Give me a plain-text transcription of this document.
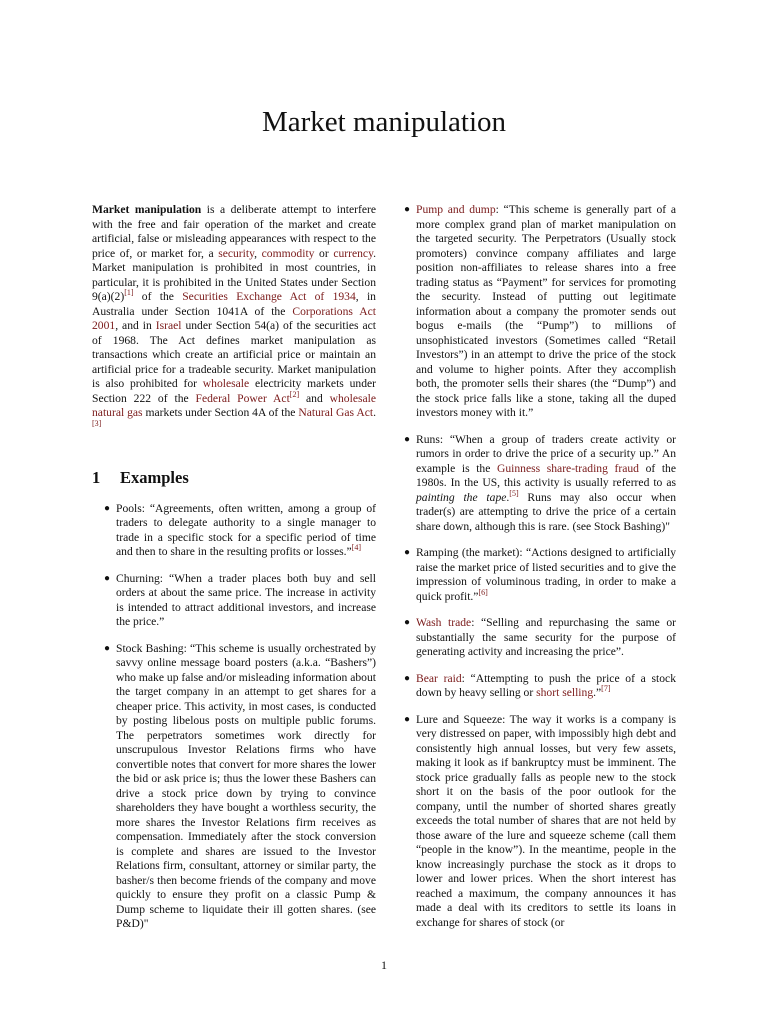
Market manipulation

Market manipulation is a deliberate attempt to interfere with the free and fair operation of the market and create artificial, false or misleading appearances with respect to the price of, or market for, a security, commodity or currency. Market manipulation is prohibited in most countries, in particular, it is prohibited in the United States under Section 9(a)(2)[1] of the Securities Exchange Act of 1934, in Australia under Section 1041A of the Corporations Act 2001, and in Israel under Section 54(a) of the securities act of 1968. The Act defines market manipulation as transactions which create an artificial price or maintain an artificial price for a tradeable security. Market manipulation is also prohibited for wholesale electricity markets under Section 222 of the Federal Power Act[2] and wholesale natural gas markets under Section 4A of the Natural Gas Act.[3]

1 Examples
● Pools: “Agreements, often written, among a group of traders to delegate authority to a single manager to trade in a specific stock for a specific period of time and then to share in the resulting profits or losses.”[4]
● Churning: “When a trader places both buy and sell orders at about the same price. The increase in activity is intended to attract additional investors, and increase the price.”
● Stock Bashing: “This scheme is usually orchestrated by savvy online message board posters (a.k.a. “Bashers”) who make up false and/or misleading information about the target company in an attempt to get shares for a cheaper price. This activity, in most cases, is conducted by posting libelous posts on multiple public forums. The perpetrators sometimes work directly for unscrupulous Investor Relations firms who have convertible notes that convert for more shares the lower the bid or ask price is; thus the lower these Bashers can drive a stock price down by trying to convince shareholders they have bought a worthless security, the more shares the Investor Relations firm receives as compensation. Immediately after the stock conversion is complete and shares are issued to the Investor Relations firm, consultant, attorney or similar party, the basher/s then become friends of the company and move quickly to ensure they profit on a classic Pump & Dump scheme to liquidate their ill gotten shares. (see P&D)"
● Pump and dump: “This scheme is generally part of a more complex grand plan of market manipulation on the targeted security. The Perpetrators (Usually stock promoters) convince company affiliates and large position non-affiliates to release shares into a free trading status as “Payment” for services for promoting the security. Instead of putting out legitimate information about a company the promoter sends out bogus e-mails (the “Pump”) to millions of unsophisticated investors (Sometimes called “Retail Investors”) in an attempt to drive the price of the stock and volume to higher points. After they accomplish both, the promoter sells their shares (the “Dump”) and the stock price falls like a stone, taking all the duped investors money with it.”
● Runs: “When a group of traders create activity or rumors in order to drive the price of a security up.” An example is the Guinness share-trading fraud of the 1980s. In the US, this activity is usually referred to as painting the tape.[5] Runs may also occur when trader(s) are attempting to drive the price of a certain share down, although this is rare. (see Stock Bashing)"
● Ramping (the market): “Actions designed to artificially raise the market price of listed securities and to give the impression of voluminous trading, in order to make a quick profit.”[6]
● Wash trade: “Selling and repurchasing the same or substantially the same security for the purpose of generating activity and increasing the price”.
● Bear raid: “Attempting to push the price of a stock down by heavy selling or short selling.”[7]
● Lure and Squeeze: The way it works is a company is very distressed on paper, with impossibly high debt and consistently high annual losses, but very few assets, making it look as if bankruptcy must be imminent. The stock price gradually falls as people new to the stock short it on the basis of the poor outlook for the company, until the number of shorted shares greatly exceeds the total number of shares that are not held by those aware of the lure and squeeze scheme (call them “people in the know”). In the meantime, people in the know increasingly purchase the stock as it drops to lower and lower prices. When the short interest has reached a maximum, the company announces it has made a deal with its creditors to settle its loans in exchange for shares of stock (or
1
